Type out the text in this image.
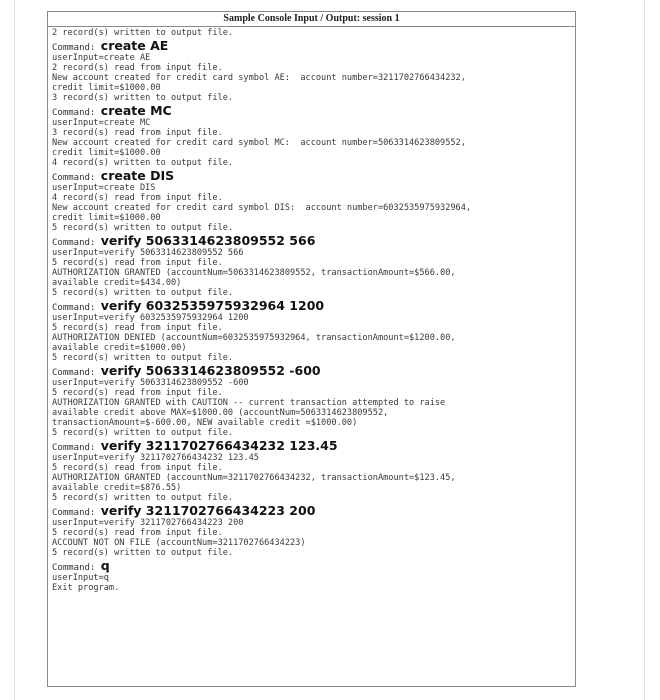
Sample Console Input / Output: session 1
2 record(s) written to output file.
Command: create AE
userInput=create AE
2 record(s) read from input file.
New account created for credit card symbol AE:  account number=3211702766434232,
credit limit=$1000.00
3 record(s) written to output file.
Command: create MC
userInput=create MC
3 record(s) read from input file.
New account created for credit card symbol MC:  account number=5063314623809552,
credit limit=$1000.00
4 record(s) written to output file.
Command: create DIS
userInput=create DIS
4 record(s) read from input file.
New account created for credit card symbol DIS:  account number=6032535975932964,
credit limit=$1000.00
5 record(s) written to output file.
Command: verify 5063314623809552 566
userInput=verify 5063314623809552 566
5 record(s) read from input file.
AUTHORIZATION GRANTED (accountNum=5063314623809552, transactionAmount=$566.00,
available credit=$434.00)
5 record(s) written to output file.
Command: verify 6032535975932964 1200
userInput=verify 6032535975932964 1200
5 record(s) read from input file.
AUTHORIZATION DENIED (accountNum=6032535975932964, transactionAmount=$1200.00,
available credit=$1000.00)
5 record(s) written to output file.
Command: verify 5063314623809552 -600
userInput=verify 5063314623809552 -600
5 record(s) read from input file.
AUTHORIZATION GRANTED with CAUTION -- current transaction attempted to raise
available credit above MAX=$1000.00 (accountNum=5063314623809552,
transactionAmount=$-600.00, NEW available credit =$1000.00)
5 record(s) written to output file.
Command: verify 3211702766434232 123.45
userInput=verify 3211702766434232 123.45
5 record(s) read from input file.
AUTHORIZATION GRANTED (accountNum=3211702766434232, transactionAmount=$123.45,
available credit=$876.55)
5 record(s) written to output file.
Command: verify 3211702766434223 200
userInput=verify 3211702766434223 200
5 record(s) read from input file.
ACCOUNT NOT ON FILE (accountNum=3211702766434223)
5 record(s) written to output file.
Command: q
userInput=q
Exit program.
